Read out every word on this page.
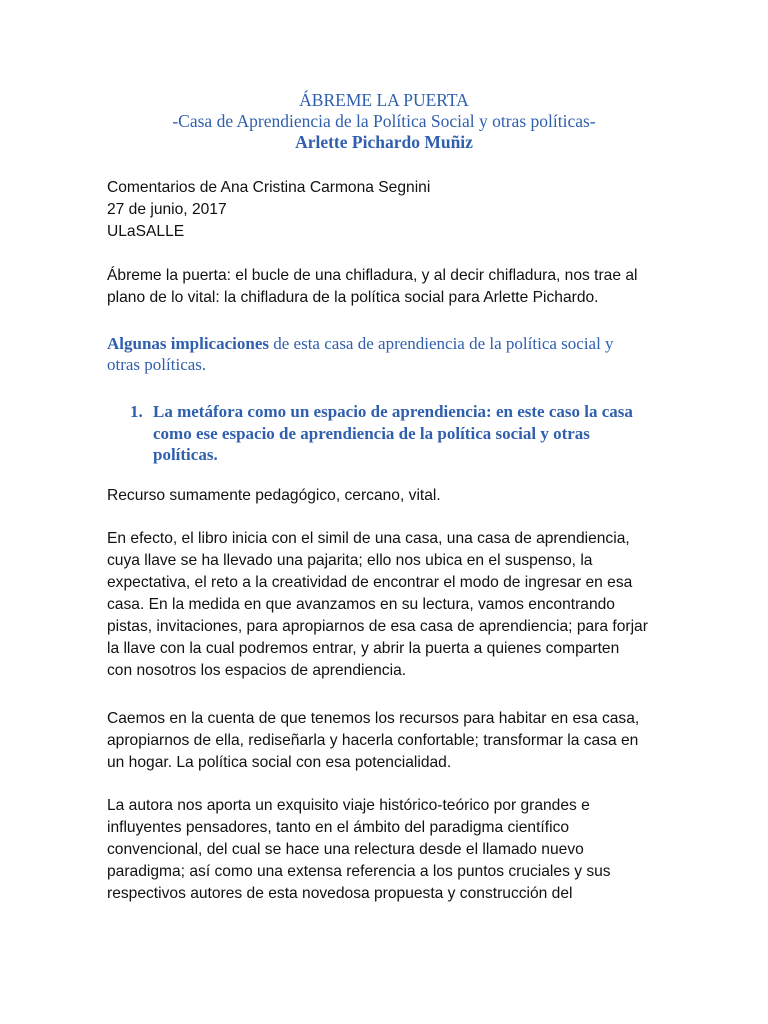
ÁBREME LA PUERTA
-Casa de Aprendiencia de la Política Social y otras políticas-
Arlette Pichardo Muñiz
Comentarios de Ana Cristina Carmona Segnini
27 de junio, 2017
ULaSALLE
Ábreme la puerta: el bucle de una chifladura, y al decir chifladura, nos trae al
plano de lo vital: la chifladura de la política social para Arlette Pichardo.
Algunas implicaciones de esta casa de aprendiencia de la política social y
otras políticas.
1. La metáfora como un espacio de aprendiencia: en este caso la casa
como ese espacio de aprendiencia de la política social y otras
políticas.
Recurso sumamente pedagógico, cercano, vital.
En efecto, el libro inicia con el simil de una casa, una casa de aprendiencia,
cuya llave se ha llevado una pajarita; ello nos ubica en el suspenso, la
expectativa, el reto a la creatividad de encontrar el modo de ingresar en esa
casa. En la medida en que avanzamos en su lectura, vamos encontrando
pistas, invitaciones, para apropiarnos de esa casa de aprendiencia; para forjar
la llave con la cual podremos entrar, y abrir la puerta a quienes comparten
con nosotros los espacios de aprendiencia.
Caemos en la cuenta de que tenemos los recursos para habitar en esa casa,
apropiarnos de ella, rediseñarla y hacerla confortable; transformar la casa en
un hogar. La política social con esa potencialidad.
La autora nos aporta un exquisito viaje histórico-teórico por grandes e
influyentes pensadores, tanto en el ámbito del paradigma científico
convencional, del cual se hace una relectura desde el llamado nuevo
paradigma; así como una extensa referencia a los puntos cruciales y sus
respectivos autores de esta novedosa propuesta y construcción del
